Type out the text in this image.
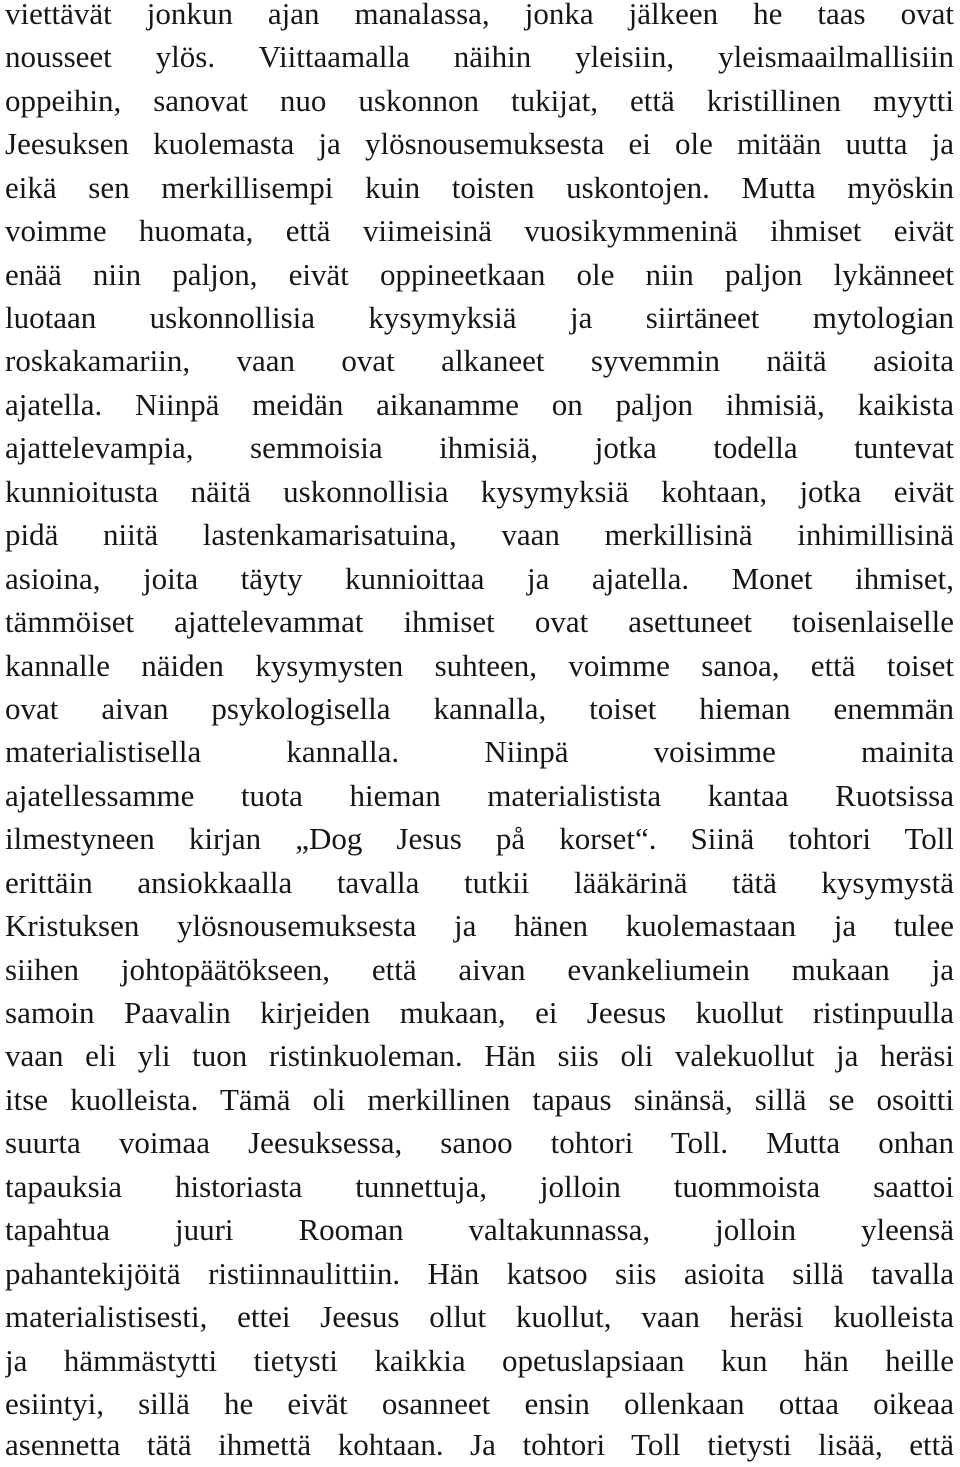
viettävät jonkun ajan manalassa, jonka jälkeen he taas ovat
nousseet ylös. Viittaamalla näihin yleisiin, yleismaailmallisiin
oppeihin, sanovat nuo uskonnon tukijat, että kristillinen myytti
Jeesuksen kuolemasta ja ylösnousemuksesta ei ole mitään uutta ja
eikä sen merkillisempi kuin toisten uskontojen. Mutta myöskin
voimme huomata, että viimeisinä vuosikymmeninä ihmiset eivät
enää niin paljon, eivät oppineetkaan ole niin paljon lykänneet
luotaan uskonnollisia kysymyksiä ja siirtäneet mytologian
roskakamariin, vaan ovat alkaneet syvemmin näitä asioita
ajatella. Niinpä meidän aikanamme on paljon ihmisiä, kaikista
ajattelevampia, semmoisia ihmisiä, jotka todella tuntevat
kunnioitusta näitä uskonnollisia kysymyksiä kohtaan, jotka eivät
pidä niitä lastenkamarisatuina, vaan merkillisinä inhimillisinä
asioina, joita täyty kunnioittaa ja ajatella. Monet ihmiset,
tämmöiset ajattelevammat ihmiset ovat asettuneet toisenlaiselle
kannalle näiden kysymysten suhteen, voimme sanoa, että toiset
ovat aivan psykologisella kannalla, toiset hieman enemmän
materialistisella kannalla. Niinpä voisimme mainita
ajatellessamme tuota hieman materialistista kantaa Ruotsissa
ilmestyneen kirjan „Dog Jesus på korset“. Siinä tohtori Toll
erittäin ansiokkaalla tavalla tutkii lääkärinä tätä kysymystä
Kristuksen ylösnousemuksesta ja hänen kuolemastaan ja tulee
siihen johtopäätökseen, että aivan evankeliumein mukaan ja
samoin Paavalin kirjeiden mukaan, ei Jeesus kuollut ristinpuulla
vaan eli yli tuon ristinkuoleman. Hän siis oli valekuollut ja heräsi
itse kuolleista. Tämä oli merkillinen tapaus sinänsä, sillä se osoitti
suurta voimaa Jeesuksessa, sanoo tohtori Toll. Mutta onhan
tapauksia historiasta tunnettuja, jolloin tuommoista saattoi
tapahtua juuri Rooman valtakunnassa, jolloin yleensä
pahantekijöitä ristiinnaulittiin. Hän katsoo siis asioita sillä tavalla
materialistisesti, ettei Jeesus ollut kuollut, vaan heräsi kuolleista
ja hämmästytti tietysti kaikkia opetuslapsiaan kun hän heille
esiintyi, sillä he eivät osanneet ensin ollenkaan ottaa oikeaa
asennetta tätä ihmettä kohtaan. Ja tohtori Toll tietysti lisää, että
